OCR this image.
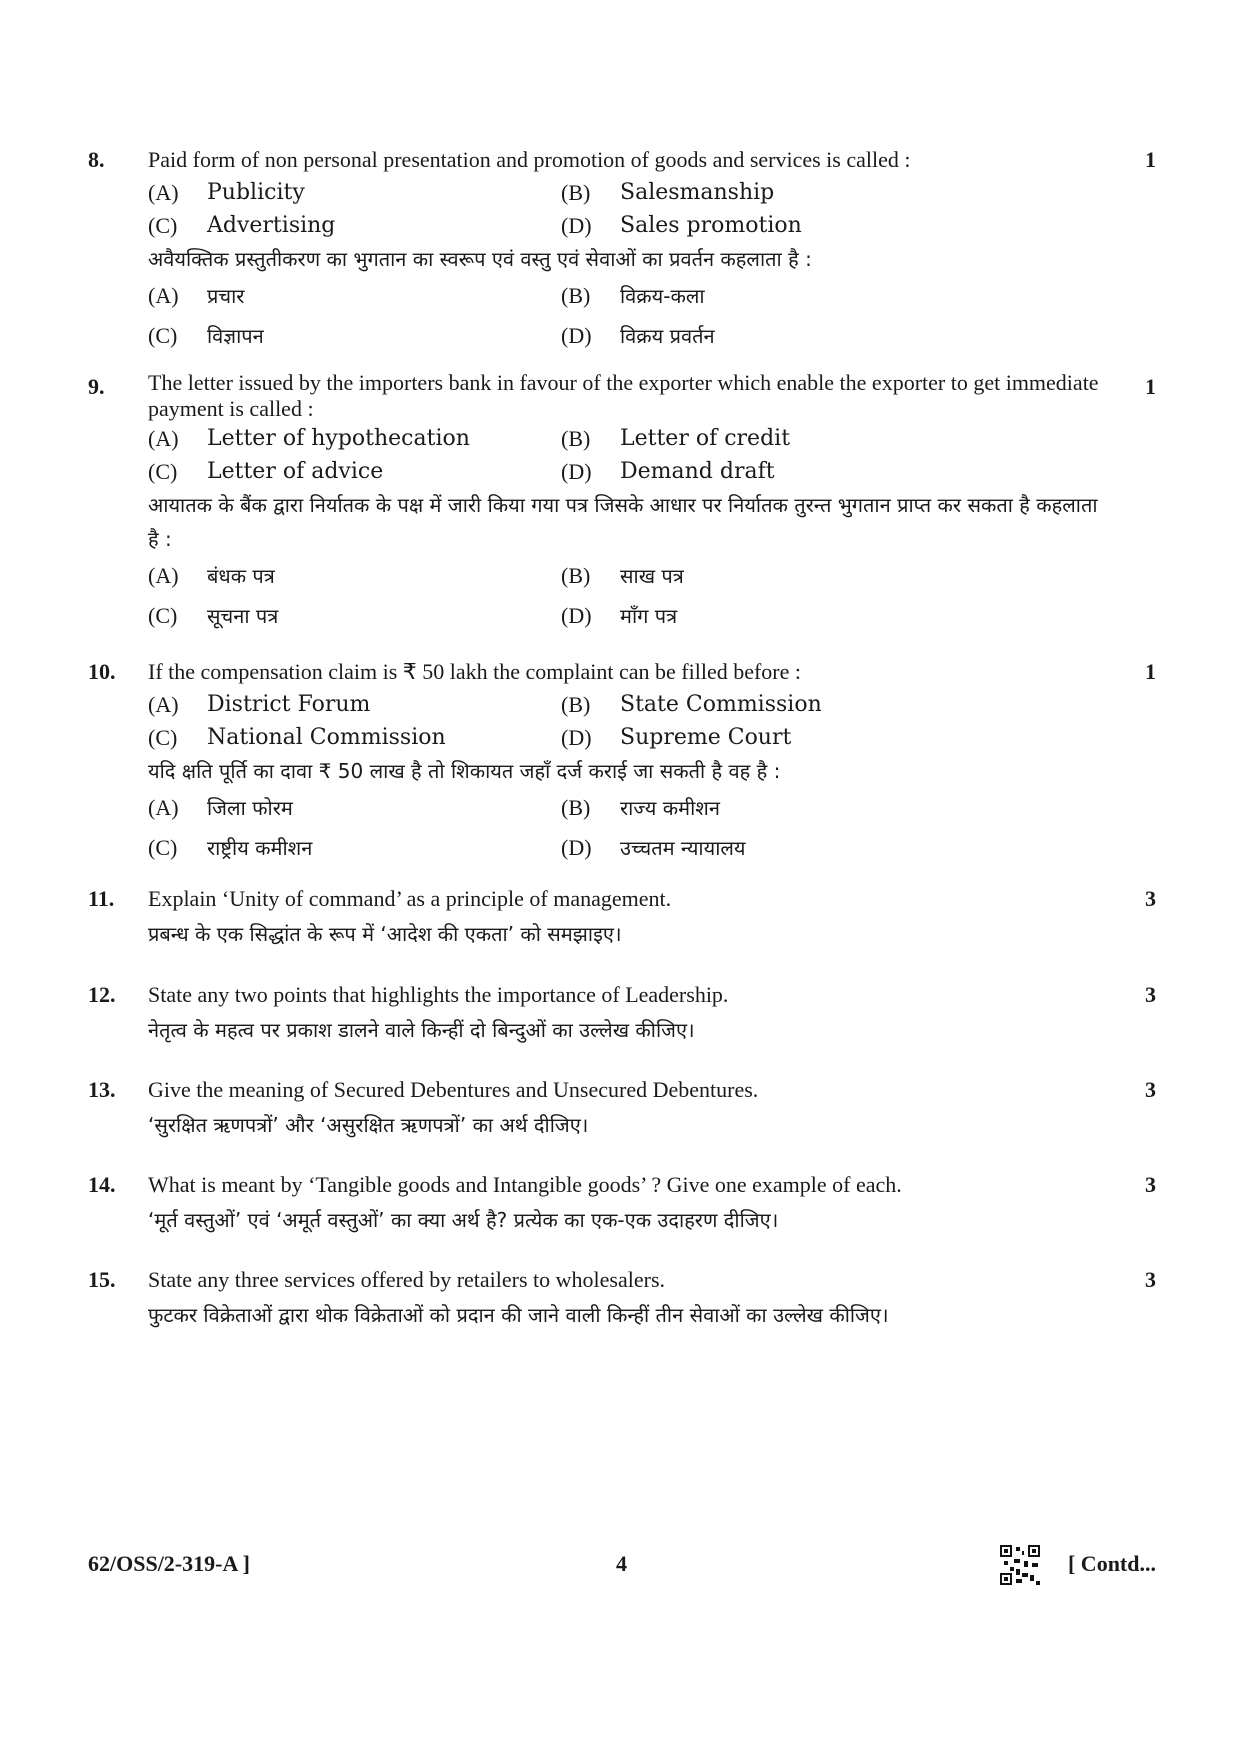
8.	Paid form of non personal presentation and promotion of goods and services is called :	1
(A)	Publicity	(B)	Salesmanship
(C)	Advertising	(D)	Sales promotion
अवैयक्तिक प्रस्तुतीकरण का भुगतान का स्वरूप एवं वस्तु एवं सेवाओं का प्रवर्तन कहलाता है :
(A)	प्रचार	(B)	विक्रय-कला
(C)	विज्ञापन	(D)	विक्रय प्रवर्तन
9.	The letter issued by the importers bank in favour of the exporter which enable the exporter to get immediate payment is called :
1
(A)	Letter of hypothecation	(B)	Letter of credit
(C)	Letter of advice	(D)	Demand draft
आयातक के बैंक द्वारा निर्यातक के पक्ष में जारी किया गया पत्र जिसके आधार पर निर्यातक तुरन्त भुगतान प्राप्त कर सकता है कहलाता है :
(A)	बंधक पत्र	(B)	साख पत्र
(C)	सूचना पत्र	(D)	माँग पत्र
10.	If the compensation claim is ₹ 50 lakh the complaint can be filled before :	1
(A)	District Forum	(B)	State Commission
(C)	National Commission	(D)	Supreme Court
यदि क्षति पूर्ति का दावा ₹ 50 लाख है तो शिकायत जहाँ दर्ज कराई जा सकती है वह है :
(A)	जिला फोरम	(B)	राज्य कमीशन
(C)	राष्ट्रीय कमीशन	(D)	उच्चतम न्यायालय
11.	Explain ‘Unity of command’ as a principle of management.	3
प्रबन्ध के एक सिद्धांत के रूप में ‘आदेश की एकता’ को समझाइए।
12.	State any two points that highlights the importance of Leadership.	3
नेतृत्व के महत्व पर प्रकाश डालने वाले किन्हीं दो बिन्दुओं का उल्लेख कीजिए।
13.	Give the meaning of Secured Debentures and Unsecured Debentures.	3
‘सुरक्षित ऋणपत्रों’ और ‘असुरक्षित ऋणपत्रों’ का अर्थ दीजिए।
14.	What is meant by ‘Tangible goods and Intangible goods’ ? Give one example of each.	3
‘मूर्त वस्तुओं’ एवं ‘अमूर्त वस्तुओं’ का क्या अर्थ है? प्रत्येक का एक-एक उदाहरण दीजिए।
15.	State any three services offered by retailers to wholesalers.	3
फुटकर विक्रेताओं द्वारा थोक विक्रेताओं को प्रदान की जाने वाली किन्हीं तीन सेवाओं का उल्लेख कीजिए।
62/OSS/2-319-A ]	4	[ Contd...
